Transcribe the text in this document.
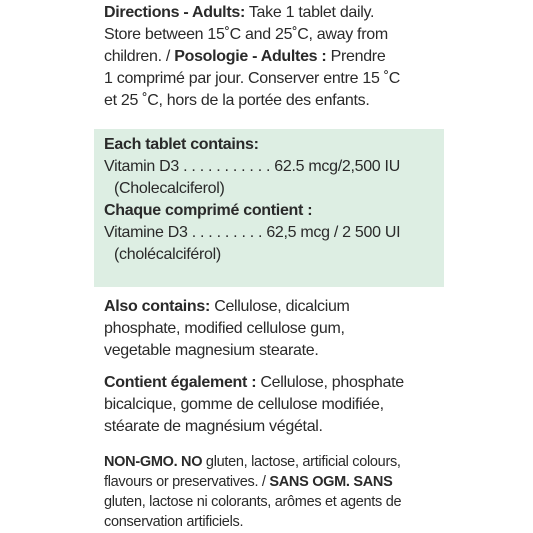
Directions - Adults: Take 1 tablet daily.
Store between 15˚C and 25˚C, away from
children. / Posologie - Adultes : Prendre
1 comprimé par jour. Conserver entre 15 ˚C
et 25 ˚C, hors de la portée des enfants.
Each tablet contains:
Vitamin D3 . . . . . . . . . . . 62.5 mcg/2,500 IU
(Cholecalciferol)
Chaque comprimé contient :
Vitamine D3 . . . . . . . . . 62,5 mcg / 2 500 UI
(cholécalciférol)
Also contains: Cellulose, dicalcium
phosphate, modified cellulose gum,
vegetable magnesium stearate.
Contient également : Cellulose, phosphate
bicalcique, gomme de cellulose modifiée,
stéarate de magnésium végétal.
NON-GMO. NO gluten, lactose, artificial colours,
flavours or preservatives. / SANS OGM. SANS
gluten, lactose ni colorants, arômes et agents de
conservation artificiels.
